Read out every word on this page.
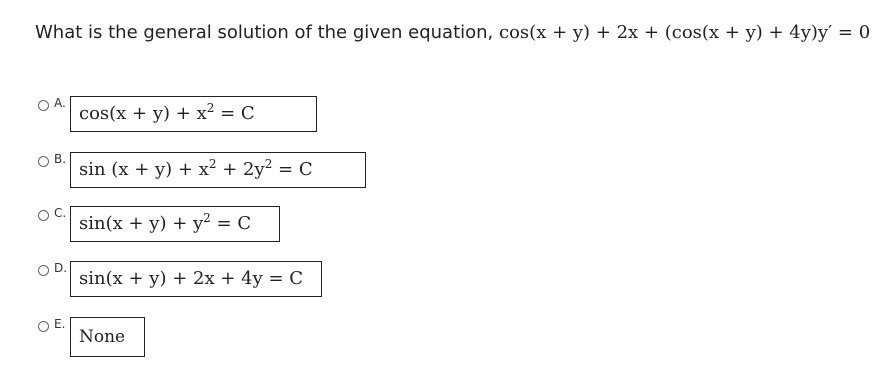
What is the general solution of the given equation, cos(x + y) + 2x + (cos(x + y) + 4y)y′ = 0
A. $\cos(x + y) + x^2 = C$
B. $\sin (x + y) + x^2 + 2y^2 = C$
C. $\sin(x + y) + y^2 = C$
D. sin(x + y) + 2x + 4y = C
E.
None
